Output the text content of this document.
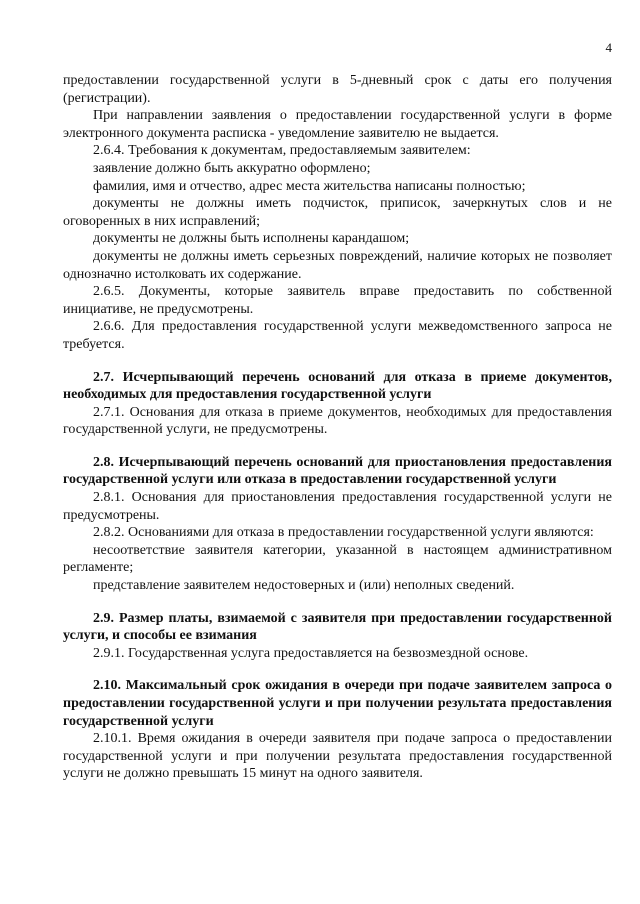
4

предоставлении государственной услуги в 5-дневный срок с даты его получения (регистрации).

При направлении заявления о предоставлении государственной услуги в форме электронного документа расписка - уведомление заявителю не выдается.

2.6.4. Требования к документам, предоставляемым заявителем:

заявление должно быть аккуратно оформлено;

фамилия, имя и отчество, адрес места жительства написаны полностью;

документы не должны иметь подчисток, приписок, зачеркнутых слов и не оговоренных в них исправлений;

документы не должны быть исполнены карандашом;

документы не должны иметь серьезных повреждений, наличие которых не позволяет однозначно истолковать их содержание.

2.6.5. Документы, которые заявитель вправе предоставить по собственной инициативе, не предусмотрены.

2.6.6. Для предоставления государственной услуги межведомственного запроса не требуется.

2.7. Исчерпывающий перечень оснований для отказа в приеме документов, необходимых для предоставления государственной услуги

2.7.1. Основания для отказа в приеме документов, необходимых для предоставления государственной услуги, не предусмотрены.

2.8. Исчерпывающий перечень оснований для приостановления предоставления государственной услуги или отказа в предоставлении государственной услуги

2.8.1. Основания для приостановления предоставления государственной услуги не предусмотрены.

2.8.2. Основаниями для отказа в предоставлении государственной услуги являются:

несоответствие заявителя категории, указанной в настоящем административном регламенте;

представление заявителем недостоверных и (или) неполных сведений.

2.9. Размер платы, взимаемой с заявителя при предоставлении государственной услуги, и способы ее взимания

2.9.1. Государственная услуга предоставляется на безвозмездной основе.

2.10. Максимальный срок ожидания в очереди при подаче заявителем запроса о предоставлении государственной услуги и при получении результата предоставления государственной услуги

2.10.1. Время ожидания в очереди заявителя при подаче запроса о предоставлении государственной услуги и при получении результата предоставления государственной услуги не должно превышать 15 минут на одного заявителя.
